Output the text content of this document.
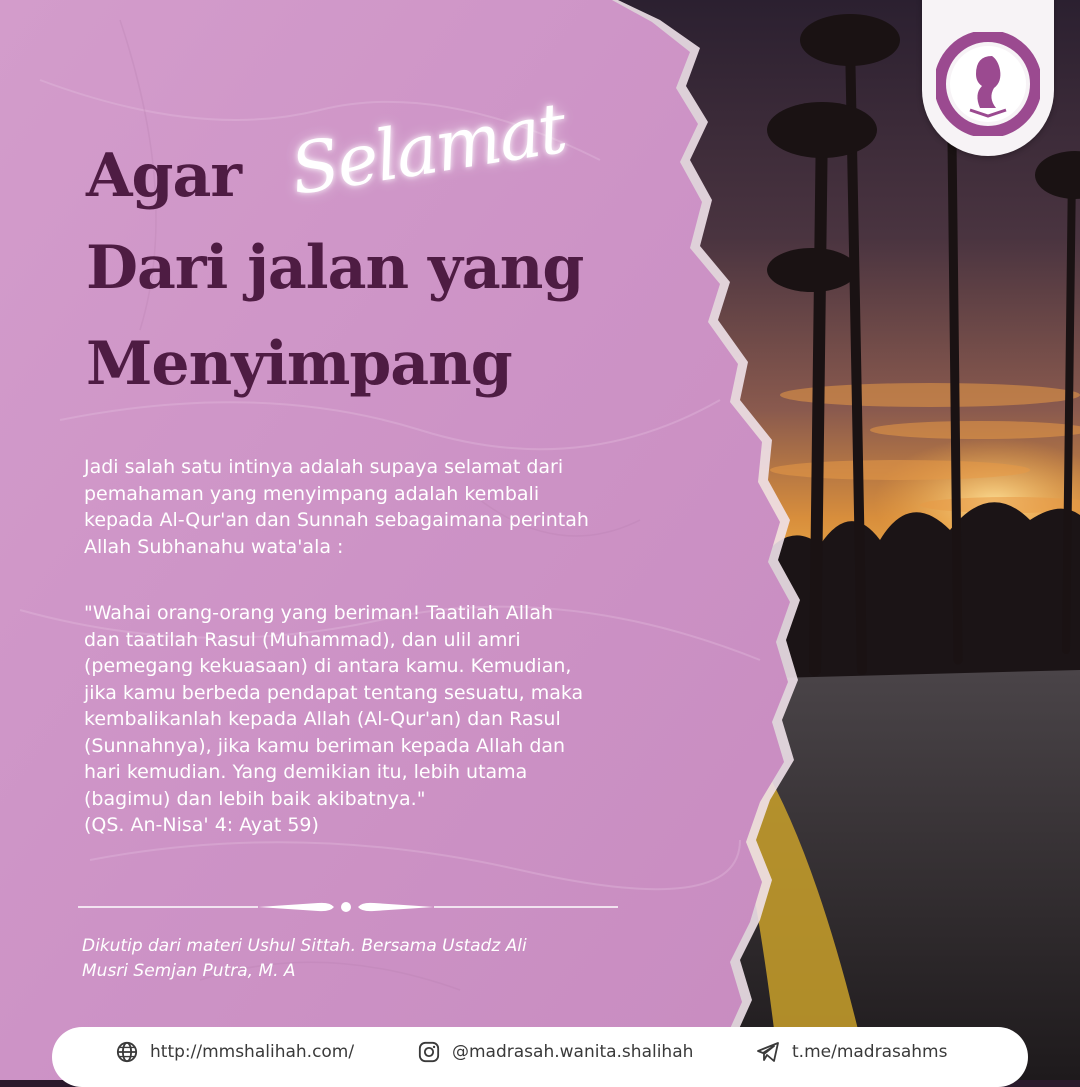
Agar Selamat
Dari jalan yang
Menyimpang

Jadi salah satu intinya adalah supaya selamat dari
pemahaman yang menyimpang adalah kembali
kepada Al-Qur'an dan Sunnah sebagaimana perintah
Allah Subhanahu wata'ala :

"Wahai orang-orang yang beriman! Taatilah Allah
dan taatilah Rasul (Muhammad), dan ulil amri
(pemegang kekuasaan) di antara kamu. Kemudian,
jika kamu berbeda pendapat tentang sesuatu, maka
kembalikanlah kepada Allah (Al-Qur'an) dan Rasul
(Sunnahnya), jika kamu beriman kepada Allah dan
hari kemudian. Yang demikian itu, lebih utama
(bagimu) dan lebih baik akibatnya."
(QS. An-Nisa' 4: Ayat 59)

Dikutip dari materi Ushul Sittah. Bersama Ustadz Ali
Musri Semjan Putra, M. A

http://mmshalihah.com/	@madrasah.wanita.shalihah	t.me/madrasahms
